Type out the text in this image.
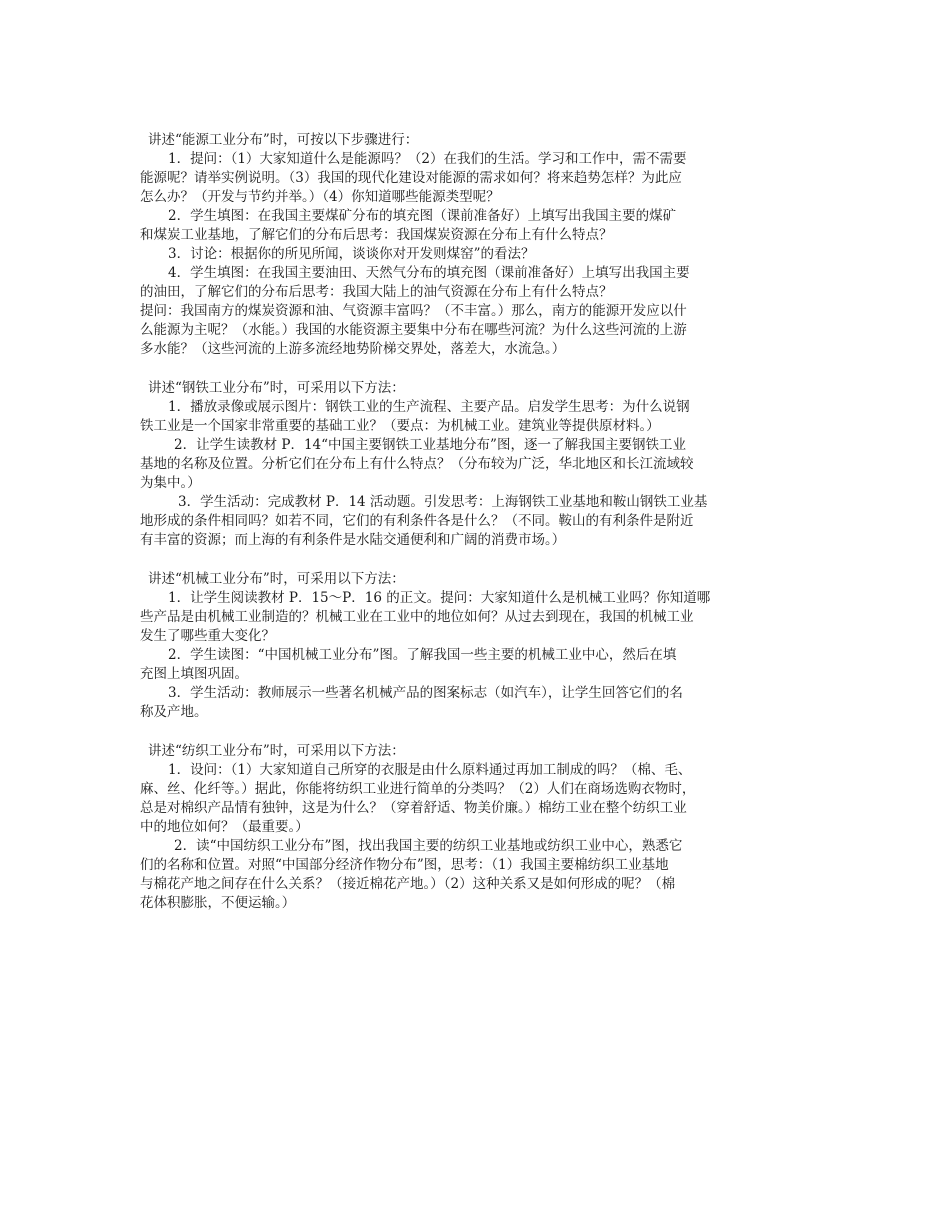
讲述“能源工业分布”时，可按以下步骤进行：
1．提问：（1）大家知道什么是能源吗？（2）在我们的生活。学习和工作中，需不需要
能源呢？请举实例说明。（3）我国的现代化建设对能源的需求如何？将来趋势怎样？为此应
怎么办？（开发与节约并举。）（4）你知道哪些能源类型呢？
2．学生填图：在我国主要煤矿分布的填充图（课前准备好）上填写出我国主要的煤矿
和煤炭工业基地，了解它们的分布后思考：我国煤炭资源在分布上有什么特点？
3．讨论：根据你的所见所闻，谈谈你对开发则煤窑”的看法？
4．学生填图：在我国主要油田、天然气分布的填充图（课前准备好）上填写出我国主要
的油田，了解它们的分布后思考：我国大陆上的油气资源在分布上有什么特点？
提问：我国南方的煤炭资源和油、气资源丰富吗？（不丰富。）那么，南方的能源开发应以什
么能源为主呢？（水能。）我国的水能资源主要集中分布在哪些河流？为什么这些河流的上游
多水能？（这些河流的上游多流经地势阶梯交界处，落差大，水流急。）
讲述“钢铁工业分布”时，可采用以下方法：
1．播放录像或展示图片：钢铁工业的生产流程、主要产品。启发学生思考：为什么说钢
铁工业是一个国家非常重要的基础工业？（要点：为机械工业。建筑业等提供原材料。）
2．让学生读教材 P．14“中国主要钢铁工业基地分布”图，逐一了解我国主要钢铁工业
基地的名称及位置。分析它们在分布上有什么特点？（分布较为广泛，华北地区和长江流域较
为集中。）
3．学生活动：完成教材 P．14 活动题。引发思考：上海钢铁工业基地和鞍山钢铁工业基
地形成的条件相同吗？如若不同，它们的有利条件各是什么？（不同。鞍山的有利条件是附近
有丰富的资源；而上海的有利条件是水陆交通便利和广阔的消费市场。）
讲述“机械工业分布”时，可采用以下方法：
1．让学生阅读教材 P．15～P．16 的正文。提问：大家知道什么是机械工业吗？你知道哪
些产品是由机械工业制造的？机械工业在工业中的地位如何？从过去到现在，我国的机械工业
发生了哪些重大变化？
2．学生读图：“中国机械工业分布”图。了解我国一些主要的机械工业中心，然后在填
充图上填图巩固。
3．学生活动：教师展示一些著名机械产品的图案标志（如汽车），让学生回答它们的名
称及产地。
讲述“纺织工业分布”时，可采用以下方法：
1．设问：（1）大家知道自己所穿的衣服是由什么原料通过再加工制成的吗？（棉、毛、
麻、丝、化纤等。）据此，你能将纺织工业进行简单的分类吗？（2）人们在商场选购衣物时，
总是对棉织产品情有独钟，这是为什么？（穿着舒适、物美价廉。）棉纺工业在整个纺织工业
中的地位如何？（最重要。）
2．读“中国纺织工业分布”图，找出我国主要的纺织工业基地或纺织工业中心，熟悉它
们的名称和位置。对照“中国部分经济作物分布”图，思考：（1）我国主要棉纺织工业基地
与棉花产地之间存在什么关系？（接近棉花产地。）（2）这种关系又是如何形成的呢？（棉
花体积膨胀，不便运输。）
